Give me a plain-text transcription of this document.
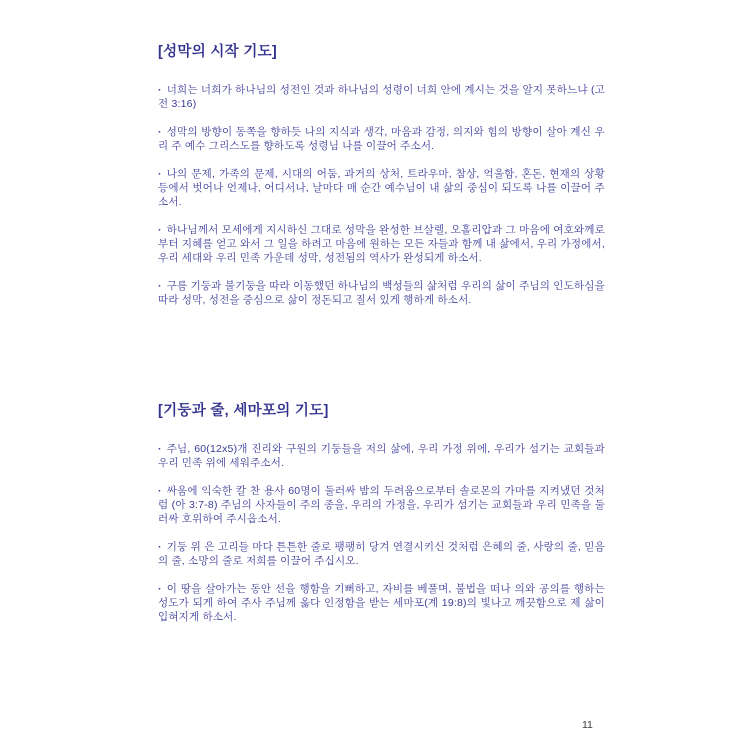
[성막의 시작 기도]

· 너희는 너희가 하나님의 성전인 것과 하나님의 성령이 너희 안에 계시는 것을 알지 못하느냐 (고전 3:16)

· 성막의 방향이 동쪽을 향하듯 나의 지식과 생각, 마음과 감정, 의지와 힘의 방향이 살아 계신 우리 주 예수 그리스도를 향하도록 성령님 나를 이끌어 주소서.

· 나의 문제, 가족의 문제, 시대의 어둠, 과거의 상처, 트라우마, 참상, 억울함, 혼돈, 현재의 상황 등에서 벗어나 언제나, 어디서나, 날마다 매 순간 예수님이 내 삶의 중심이 되도록 나를 이끌어 주소서.

· 하나님께서 모세에게 지시하신 그대로 성막을 완성한 브살렐, 오홀리압과 그 마음에 여호와께로부터 지혜를 얻고 와서 그 일을 하려고 마음에 원하는 모든 자들과 함께 내 삶에서, 우리 가정에서, 우리 세대와 우리 민족 가운데 성막, 성전됨의 역사가 완성되게 하소서.

· 구름 기둥과 불기둥을 따라 이동했던 하나님의 백성들의 삶처럼 우리의 삶이 주님의 인도하심을 따라 성막, 성전을 중심으로 삶이 정돈되고 질서 있게 행하게 하소서.

[기둥과 줄, 세마포의 기도]

· 주님, 60(12x5)개 진리와 구원의 기둥들을 저의 삶에, 우리 가정 위에, 우리가 섬기는 교회들과 우리 민족 위에 세워주소서.

· 싸움에 익숙한 칼 찬 용사 60명이 둘러싸 밤의 두려움으로부터 솔로몬의 가마를 지켜냈던 것처럼 (아 3:7-8) 주님의 사자들이 주의 종을, 우리의 가정을, 우리가 섬기는 교회들과 우리 민족을 둘러싸 호위하여 주시옵소서.

· 기둥 위 은 고리들 마다 튼튼한 줄로 팽팽히 당겨 연결시키신 것처럼 은혜의 줄, 사랑의 줄, 믿음의 줄, 소망의 줄로 저희를 이끌어 주십시오.

· 이 땅을 살아가는 동안 선을 행함을 기뻐하고, 자비를 베풀며, 불법을 떠나 의와 공의를 행하는 성도가 되게 하여 주사 주님께 옳다 인정함을 받는 세마포(계 19:8)의 빛나고 깨끗함으로 제 삶이 입혀지게 하소서.

11
